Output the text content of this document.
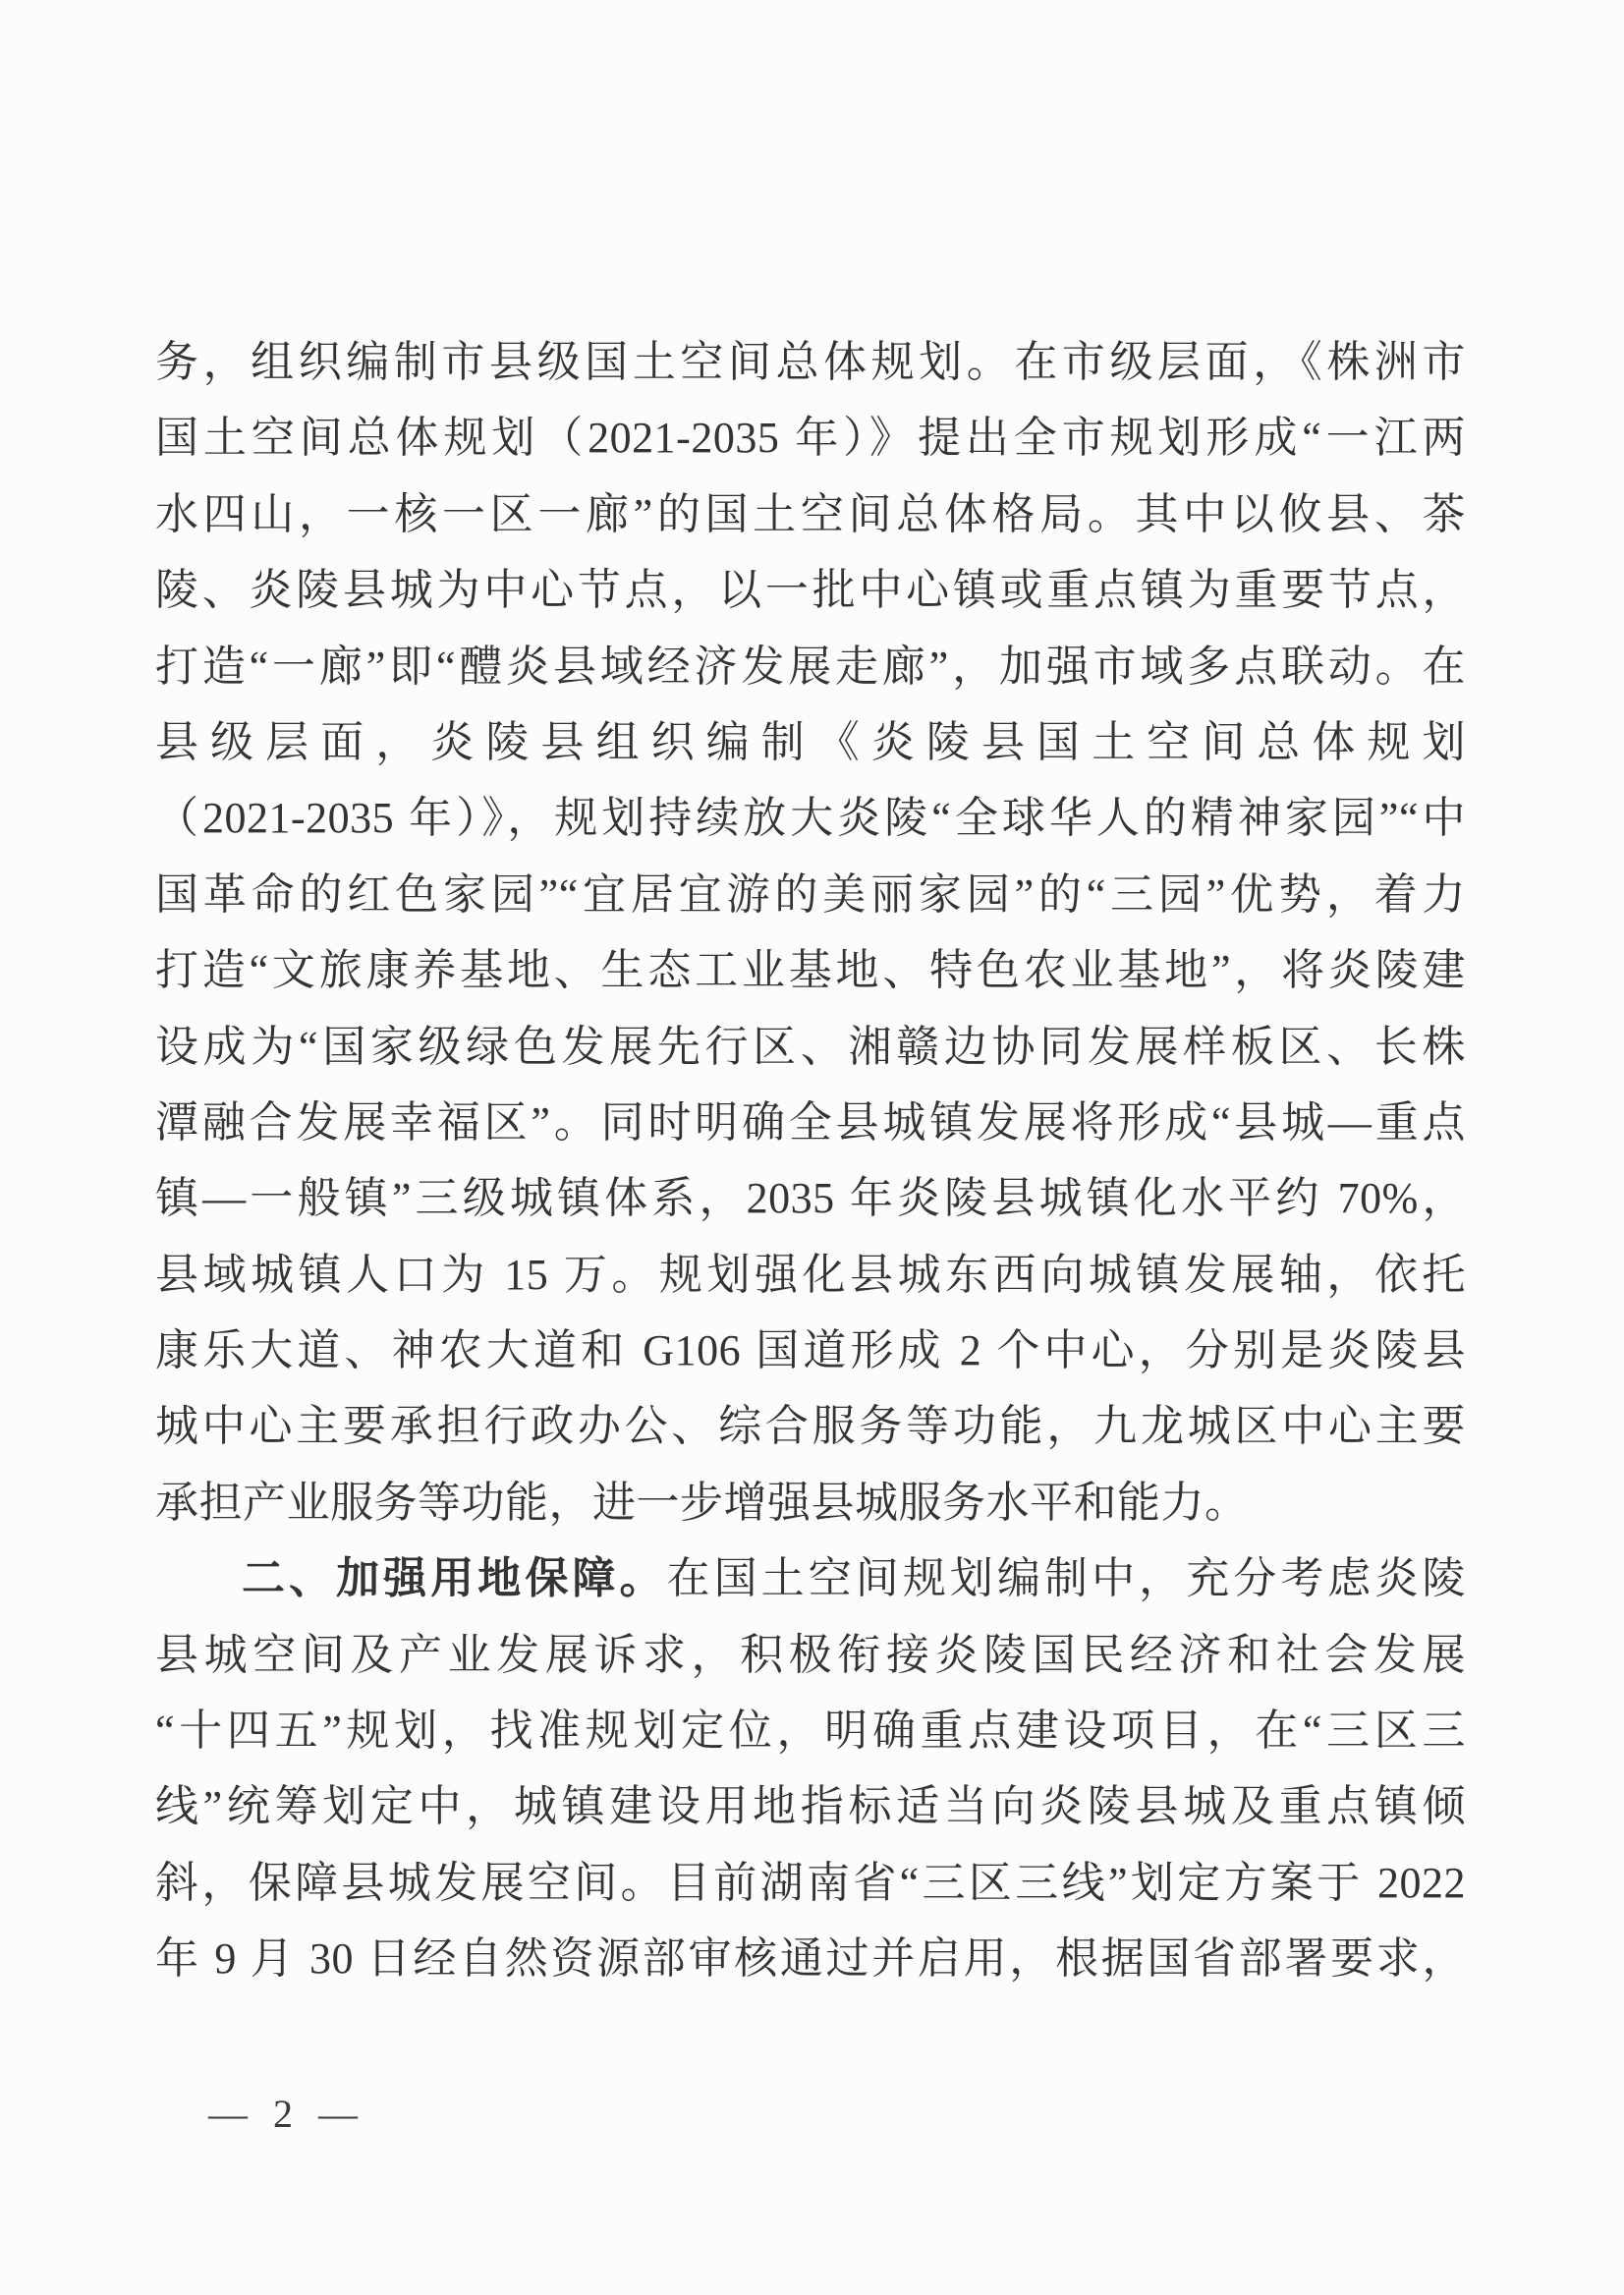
务，组织编制市县级国土空间总体规划。在市级层面，《株洲市
国土空间总体规划（2021-2035 年）》提出全市规划形成“一江两
水四山，一核一区一廊”的国土空间总体格局。其中以攸县、茶
陵、炎陵县城为中心节点，以一批中心镇或重点镇为重要节点，
打造“一廊”即“醴炎县域经济发展走廊”，加强市域多点联动。在
县级层面，炎陵县组织编制《炎陵县国土空间总体规划
（2021-2035 年）》，规划持续放大炎陵“全球华人的精神家园”“中
国革命的红色家园”“宜居宜游的美丽家园”的“三园”优势，着力
打造“文旅康养基地、生态工业基地、特色农业基地”，将炎陵建
设成为“国家级绿色发展先行区、湘赣边协同发展样板区、长株
潭融合发展幸福区”。同时明确全县城镇发展将形成“县城—重点
镇—一般镇”三级城镇体系，2035 年炎陵县城镇化水平约 70%，
县域城镇人口为 15 万。规划强化县城东西向城镇发展轴，依托
康乐大道、神农大道和 G106 国道形成 2 个中心，分别是炎陵县
城中心主要承担行政办公、综合服务等功能，九龙城区中心主要
承担产业服务等功能，进一步增强县城服务水平和能力。
二、加强用地保障。在国土空间规划编制中，充分考虑炎陵
县城空间及产业发展诉求，积极衔接炎陵国民经济和社会发展
“十四五”规划，找准规划定位，明确重点建设项目，在“三区三
线”统筹划定中，城镇建设用地指标适当向炎陵县城及重点镇倾
斜，保障县城发展空间。目前湖南省“三区三线”划定方案于 2022
年 9 月 30 日经自然资源部审核通过并启用，根据国省部署要求，
— 2 —
